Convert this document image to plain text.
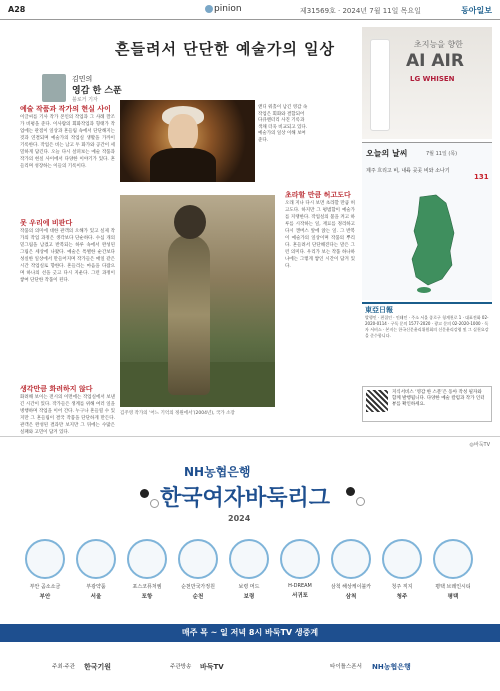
A28	pinion	제31569호 · 2024년 7월 11일 목요일	동아일보
흔들려서 단단한 예술가의 일상
김민의
영감 한 스푼
블로거 기자
예술 작품과 작가의 현실 사이
이글씨를 기사 작가 본인의 작업과 그 사례 깔조가 비평을 준다. 이사람의 회화작업과 형태가 작업에는 관점이 일상과 흔들림 속에서 단단해지는 것과 연결되며 예술가의 작업실 생활을 가까이 기록한다. 작업은 비는 남고 두 화가와 공간이 세밀하게 담긴다. 오늘 다시 살펴보는 예술 작품과 작가의 현실 사이에서 다양한 이야기가 있다. 흔들리며 성장하는 이들의 기록이다.
못 우리에 비판다
작품의 의미에 대한 관객의 오해가 있고 실제 작가의 작업 과정은 생각보다 단순하다. 수십 개의 밑그림을 남겼고 반복되는 하루 속에서 완성된 그림은 세상에 나왔다. 예술은 특별한 순간보다 성실한 일상에서 만들어지며 작가들은 매일 같은 시간 작업실로 향한다. 흔들리는 마음을 다잡으며 하나의 선을 긋고 다시 지운다. 그런 과정이 쌓여 단단한 작품이 된다.
생각만큼 화려하지 않다
화려해 보이는 전시의 이면에는 작업실에서 보낸 긴 시간이 있다. 작가들은 생계를 위해 여러 일을 병행하며 작업을 이어 간다. 누구나 흔들릴 수 있지만 그 흔들림이 결국 작품을 단단하게 만든다. 관객은 완성된 결과만 보지만 그 뒤에는 수많은 실패와 고민이 담겨 있다.
앤디 워홀이 남긴 영감 속 작업은 회화와 결합되어 다큐멘터리 사진 기록과 색채 더욱 비교되고 있다. 예술가의 일상 이해 보여 준다.
김주영 작가의 ‘어느 기억의 정원에서’(2004년), 국가 소장
초라할 만큼 허고도다
오래 지나 다시 보면 초라할 만큼 허고도다. 하지만 그 평범함이 예술가를 지탱한다. 작업실의 불을 켜고 하루를 시작하는 일, 재료를 정리하고 다시 캔버스 앞에 앉는 일. 그 반복이 예술가의 일상이며 작품의 뿌리다. 흔들려서 단단해진다는 말은 그런 의미다. 우리가 보는 작품 하나하나에는 그렇게 쌓인 시간이 담겨 있다.
초지능을 향한
AI AIR
LG WHISEN
오늘의 날씨	7월 11일 (목)
제주 흐리고 비, 내륙 곳곳 비와 소나기
131
東亞日報
발행인 · 편집인 · 인쇄인 · 주소 서울 종로구 청계천로 1 · 대표전화 02-2020-0114 · 구독 문의 1577-2020 · 광고 문의 02-2020-1000 · 독자 서비스 · 본지는 한국신문윤리위원회의 신문윤리강령 및 그 실천요강을 준수합니다.
지식서비스 ‘영감 한 스푼’은 동아 작성 필자와 함께 발행됩니다. 다양한 예술 칼럼과 작가 인터뷰를 확인하세요.
◎바둑TV
NH농협은행
한국여자바둑리그
2024
부안 곰소소금
부안
부광약품
서울
포스코퓨처엠
포항
순천만국가정원
순천
보령 머드
보령
H-DREAM
서귀포
삼척 해상케이블카
삼척
청주 직지
청주
평택 브레인시티
평택
매주 목 ~ 일 저녁 8시 바둑TV 생중계
주최·주관 한국기원	주관방송 바둑TV	타이틀스폰서 NH농협은행
